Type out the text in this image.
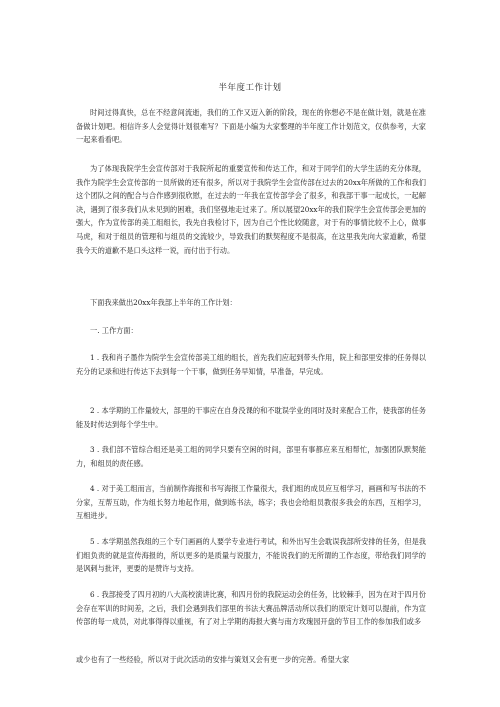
半年度工作计划

时间过得真快，总在不经意间流逝，我们的工作又迈入新的阶段，现在的你想必不是在做计划，就是在准备做计划吧。相信许多人会觉得计划很难写？下面是小编为大家整理的半年度工作计划范文，仅供参考，大家一起来看看吧。

为了体现我院学生会宣传部对于我院所起的重要宣传和传达工作，和对于同学们的大学生活的充分体现，我作为院学生会宣传部的一员所做的还有很多，所以对于我院学生会宣传部在过去的20xx年所做的工作和我们这个团队之间的配合与合作感到很欣慰，在过去的一年我在宣传部学会了很多，和我部干事一起成长，一起解决，遇到了很多我们从未见到的困难，我们坚强地走过来了。所以展望20xx年的我们院学生会宣传部会更加的强大，作为宣传部的美工组组长，我先自我检讨下，因为自己个性比较随意，对于有的事情比较不上心，做事马虎，和对于组员的管理和与组员的交流较少，导致我们的默契程度不是很高，在这里我先向大家道歉，希望我今天的道歉不是口头这样一说，而付出于行动。

下面我来做出20xx年我部上半年的工作计划：

一. 工作方面：

1 . 我和肖子墨作为院学生会宣传部美工组的组长，首先我们应起到带头作用，院上和部里安排的任务得以充分的记录和进行传达下去到每一个干事，做到任务早知情，早准备，早完成。

2 . 本学期的工作量较大，部里的干事应在自身没课的和不耽误学业的同时及时来配合工作，使我部的任务能及时传达到每个学生中。

3 . 我们部不管综合组还是美工组的同学只要有空闲的时间，部里有事都应来互相帮忙，加强团队默契能力，和组员的责任感。

4 . 对于美工组而言，当前制作海报和书写海报工作量很大，我们组的成员应互相学习，画画和写书法的不分家，互帮互助，作为组长努力地起作用，做到练书法，练字；我也会给组员教很多我会的东西，互相学习，互相进步。

5 . 本学期虽然我组的三个专门画画的人要学专业进行考试，和外出写生会耽误我部所安排的任务，但是我们组负责的就是宣传海报的，所以更多的是质量与说服力，不能说我们的无所谓的工作态度，带给我们同学的是讽刺与批评，更要的是赞许与支持。

6 . 我部接受了四月初的八大高校演讲比赛，和四月份的我院运动会的任务，比较棘手，因为在对于四月份会存在军训的时间差，之后，我们会遇到我们部里的书法大赛品牌活动所以我们的原定计划可以提前，作为宣传部的每一成员，对此事得得以重视，有了对上学期的海报大赛与南方玫瑰园开盘的节目工作的参加我们或多

或少也有了一些经验，所以对于此次活动的安排与策划又会有更一步的完善。希望大家
